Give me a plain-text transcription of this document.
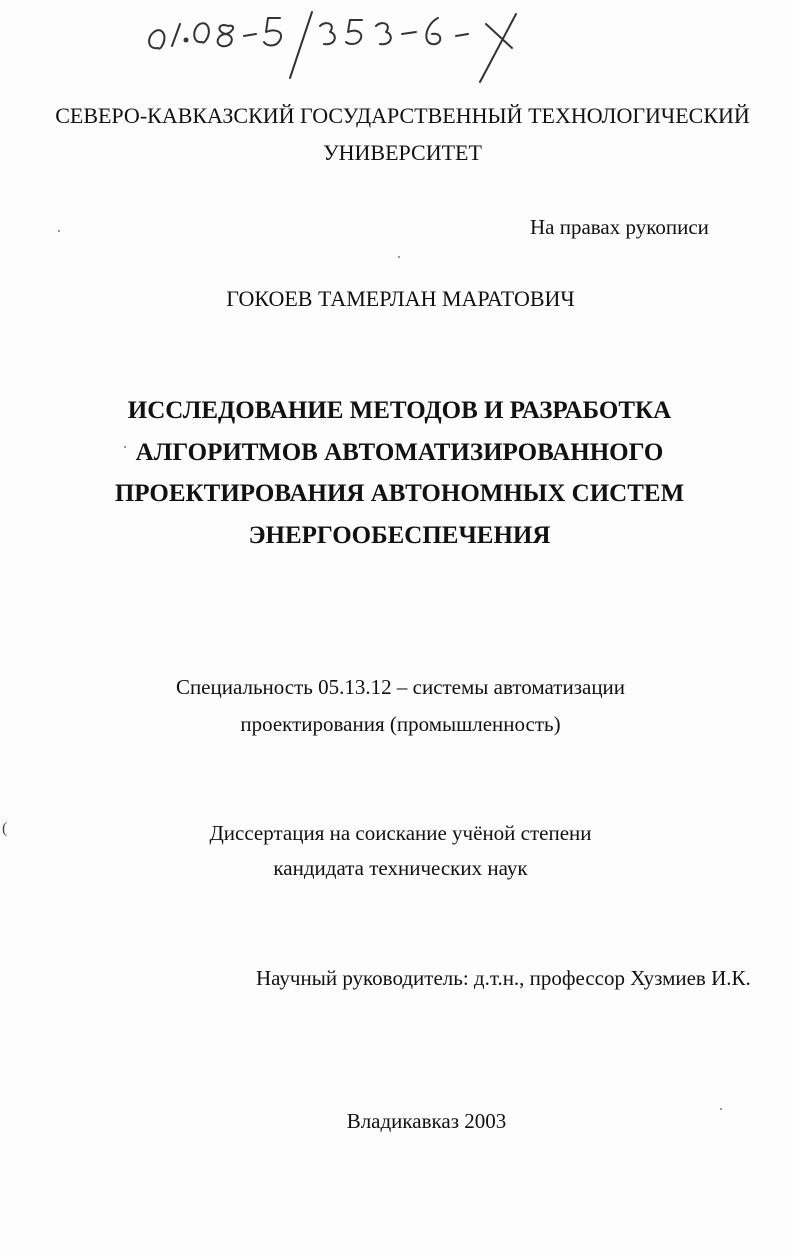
СЕВЕРО-КАВКАЗСКИЙ ГОСУДАРСТВЕННЫЙ ТЕХНОЛОГИЧЕСКИЙ
УНИВЕРСИТЕТ
На правах рукописи
ГОКОЕВ ТАМЕРЛАН МАРАТОВИЧ
ИССЛЕДОВАНИЕ МЕТОДОВ И РАЗРАБОТКА
АЛГОРИТМОВ АВТОМАТИЗИРОВАННОГО
ПРОЕКТИРОВАНИЯ АВТОНОМНЫХ СИСТЕМ
ЭНЕРГООБЕСПЕЧЕНИЯ
Специальность 05.13.12 – системы автоматизации
проектирования (промышленность)
Диссертация на соискание учёной степени
кандидата технических наук
Научный руководитель: д.т.н., профессор Хузмиев И.К.
Владикавказ 2003
(
